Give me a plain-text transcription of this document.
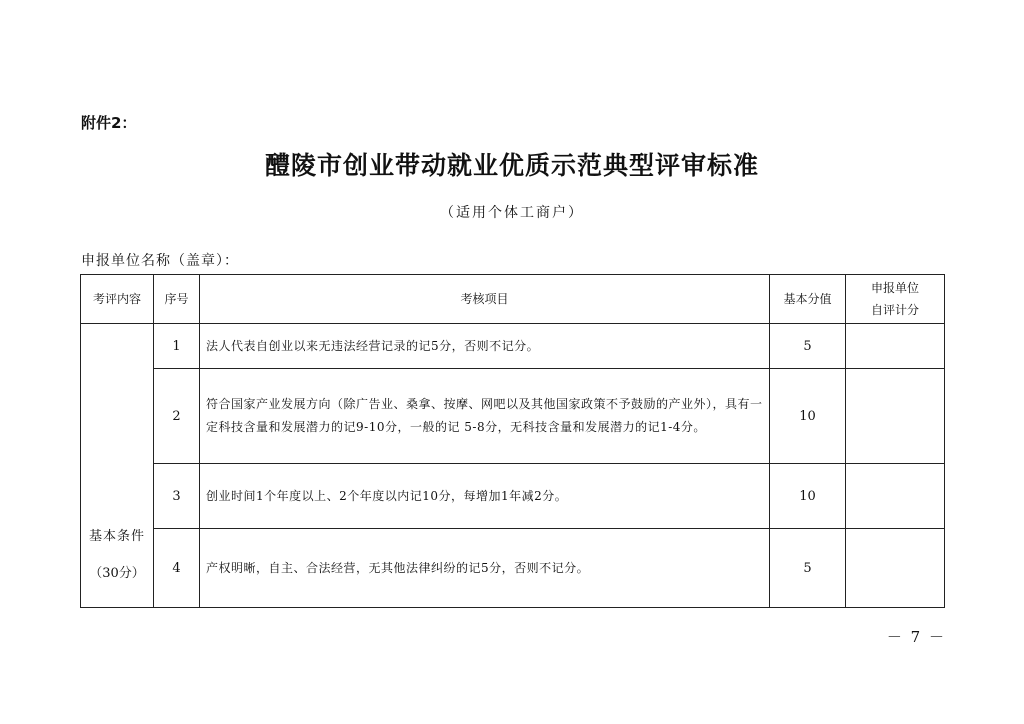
附件2：
醴陵市创业带动就业优质示范典型评审标准
（适用个体工商户）
申报单位名称（盖章）：
考评内容	序号	考核项目	基本分值	申报单位
自评计分

基本条件
（30分）	1	法人代表自创业以来无违法经营记录的记5分，否则不记分。	5	
	2	符合国家产业发展方向（除广告业、桑拿、按摩、网吧以及其他国家政策不予鼓励的产业外），具有一定科技含量和发展潜力的记9-10分，一般的记 5-8分，无科技含量和发展潜力的记1-4分。	10	
	3	创业时间1个年度以上、2个年度以内记10分，每增加1年减2分。	10	
	4	产权明晰，自主、合法经营，无其他法律纠纷的记5分，否则不记分。	5	
－ 7 －
